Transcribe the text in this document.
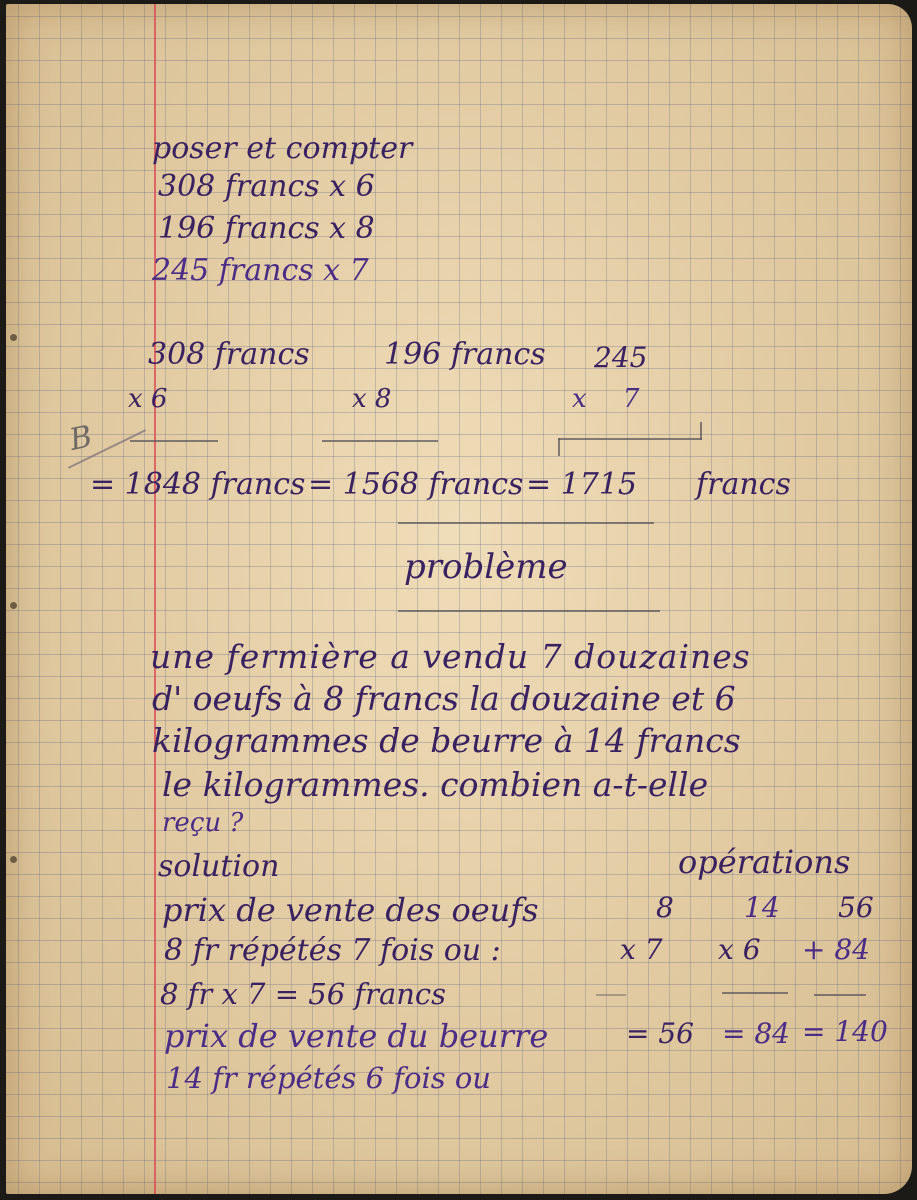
poser et compter

308 francs x 6

196 francs x 8

245 francs x 7

308 francs

x 6

= 1848 francs

196 francs

x 8

= 1568 francs

245

x 7

= 1715 francs

B

problème

une fermière a vendu 7 douzaines

d' oeufs à 8 francs la douzaine et 6

kilogrammes de beurre à 14 francs

le kilogrammes. combien a-t-elle

reçu ?

solution	opérations

prix de vente des oeufs

8 fr répétés 7 fois ou :

8 fr x 7 = 56 francs

prix de vente du beurre

14 fr répétés 6 fois ou

8

x 7

= 56

14

x 6

= 84

56

+ 84

= 140
